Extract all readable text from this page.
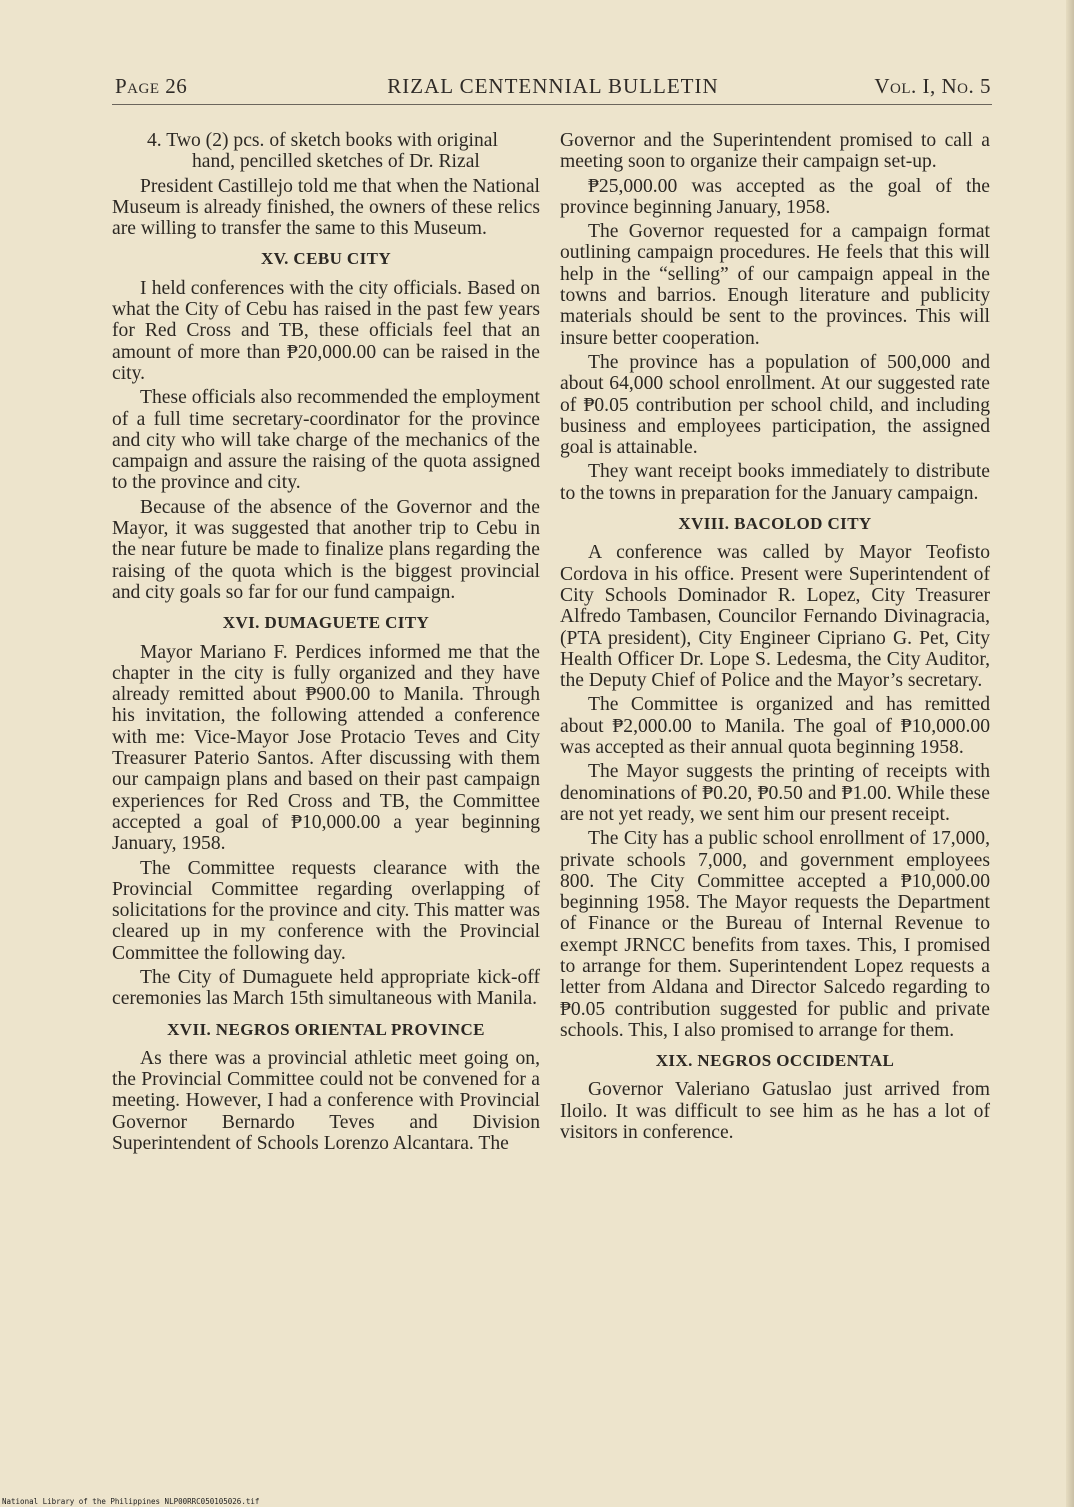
Page 26	RIZAL CENTENNIAL BULLETIN	Vol. I, No. 5

4. Two (2) pcs. of sketch books with original hand, pencilled sketches of Dr. Rizal

President Castillejo told me that when the National Museum is already finished, the owners of these relics are willing to transfer the same to this Museum.

XV. CEBU CITY

I held conferences with the city officials. Based on what the City of Cebu has raised in the past few years for Red Cross and TB, these officials feel that an amount of more than ₱20,000.00 can be raised in the city.

These officials also recommended the employment of a full time secretary-coordinator for the province and city who will take charge of the mechanics of the campaign and assure the raising of the quota assigned to the province and city.

Because of the absence of the Governor and the Mayor, it was suggested that another trip to Cebu in the near future be made to finalize plans regarding the raising of the quota which is the biggest provincial and city goals so far for our fund campaign.

XVI. DUMAGUETE CITY

Mayor Mariano F. Perdices informed me that the chapter in the city is fully organized and they have already remitted about ₱900.00 to Manila. Through his invitation, the following attended a conference with me: Vice-Mayor Jose Protacio Teves and City Treasurer Paterio Santos. After discussing with them our campaign plans and based on their past campaign experiences for Red Cross and TB, the Committee accepted a goal of ₱10,000.00 a year beginning January, 1958.

The Committee requests clearance with the Provincial Committee regarding overlapping of solicitations for the province and city. This matter was cleared up in my conference with the Provincial Committee the following day.

The City of Dumaguete held appropriate kick-off ceremonies las March 15th simultaneous with Manila.

XVII. NEGROS ORIENTAL PROVINCE

As there was a provincial athletic meet going on, the Provincial Committee could not be convened for a meeting. However, I had a conference with Provincial Governor Bernardo Teves and Division Superintendent of Schools Lorenzo Alcantara. The

Governor and the Superintendent promised to call a meeting soon to organize their campaign set-up.

₱25,000.00 was accepted as the goal of the province beginning January, 1958.

The Governor requested for a campaign format outlining campaign procedures. He feels that this will help in the “selling” of our campaign appeal in the towns and barrios. Enough literature and publicity materials should be sent to the provinces. This will insure better cooperation.

The province has a population of 500,000 and about 64,000 school enrollment. At our suggested rate of ₱0.05 contribution per school child, and including business and employees participation, the assigned goal is attainable.

They want receipt books immediately to distribute to the towns in preparation for the January campaign.

XVIII. BACOLOD CITY

A conference was called by Mayor Teofisto Cordova in his office. Present were Superintendent of City Schools Dominador R. Lopez, City Treasurer Alfredo Tambasen, Councilor Fernando Divinagracia, (PTA president), City Engineer Cipriano G. Pet, City Health Officer Dr. Lope S. Ledesma, the City Auditor, the Deputy Chief of Police and the Mayor’s secretary.

The Committee is organized and has remitted about ₱2,000.00 to Manila. The goal of ₱10,000.00 was accepted as their annual quota beginning 1958.

The Mayor suggests the printing of receipts with denominations of ₱0.20, ₱0.50 and ₱1.00. While these are not yet ready, we sent him our present receipt.

The City has a public school enrollment of 17,000, private schools 7,000, and government employees 800. The City Committee accepted a ₱10,000.00 beginning 1958. The Mayor requests the Department of Finance or the Bureau of Internal Revenue to exempt JRNCC benefits from taxes. This, I promised to arrange for them. Superintendent Lopez requests a letter from Aldana and Director Salcedo regarding to ₱0.05 contribution suggested for public and private schools. This, I also promised to arrange for them.

XIX. NEGROS OCCIDENTAL

Governor Valeriano Gatuslao just arrived from Iloilo. It was difficult to see him as he has a lot of visitors in conference.

National Library of the Philippines NLP00RRC050105026.tif
